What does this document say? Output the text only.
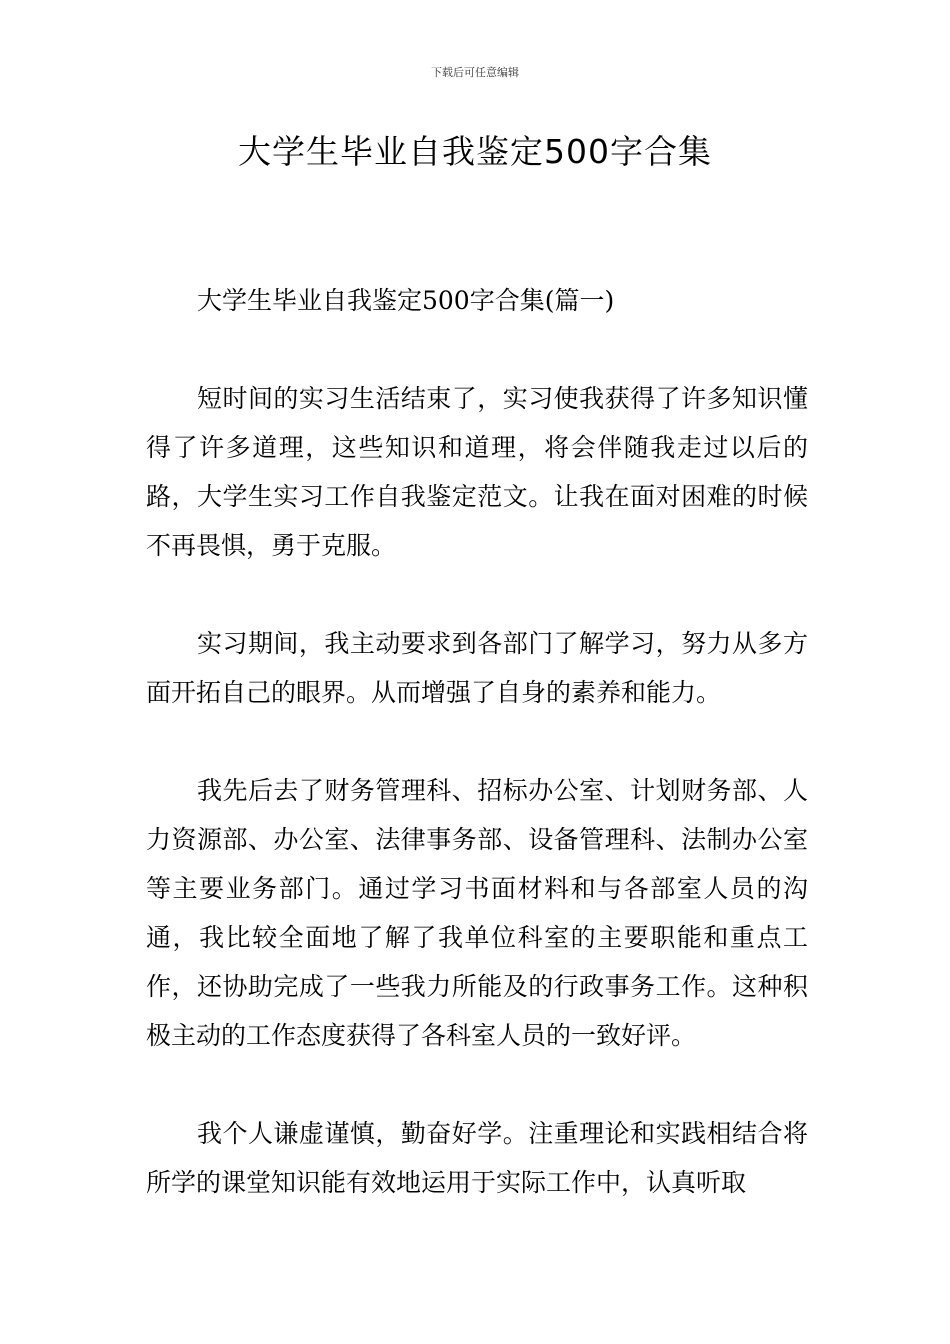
下载后可任意编辑
大学生毕业自我鉴定500字合集

大学生毕业自我鉴定500字合集(篇一)

短时间的实习生活结束了，实习使我获得了许多知识懂得了许多道理，这些知识和道理，将会伴随我走过以后的路，大学生实习工作自我鉴定范文。让我在面对困难的时候不再畏惧，勇于克服。

实习期间，我主动要求到各部门了解学习，努力从多方面开拓自己的眼界。从而增强了自身的素养和能力。

我先后去了财务管理科、招标办公室、计划财务部、人力资源部、办公室、法律事务部、设备管理科、法制办公室等主要业务部门。通过学习书面材料和与各部室人员的沟通，我比较全面地了解了我单位科室的主要职能和重点工作，还协助完成了一些我力所能及的行政事务工作。这种积极主动的工作态度获得了各科室人员的一致好评。

我个人谦虚谨慎，勤奋好学。注重理论和实践相结合将所学的课堂知识能有效地运用于实际工作中，认真听取
